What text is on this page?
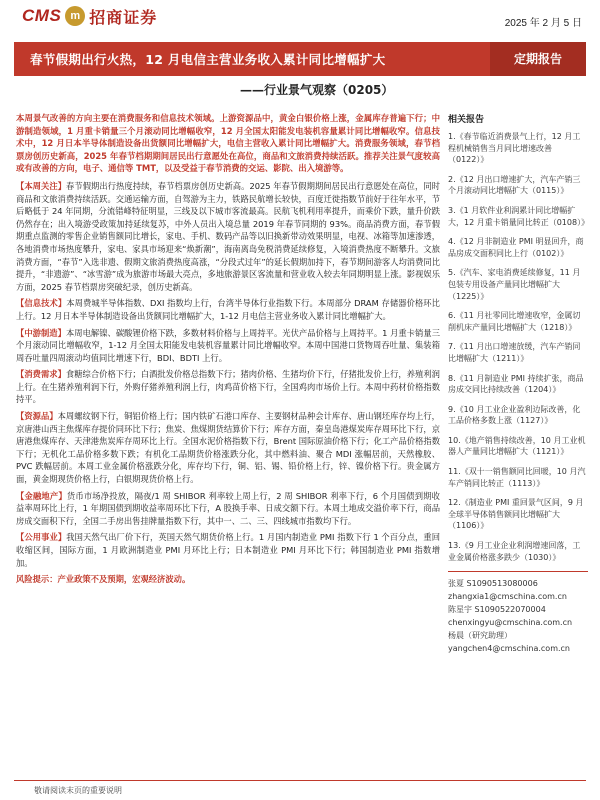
CMS m 招商证券	2025 年 2 月 5 日
春节假期出行火热，12 月电信主营业务收入累计同比增幅扩大	定期报告
——行业景气观察（0205）

本周景气改善的方向主要在消费服务和信息技术领域。上游资源品中，黄金白银价格上涨，金属库存普遍下行；中游制造领域，1 月重卡销量三个月滚动同比增幅收窄，12 月全国太阳能发电装机容量累计同比增幅收窄。信息技术中，12 月日本半导体制造设备出货额同比增幅扩大，电信主营收入累计同比增幅扩大。消费服务领域，春节档票房创历史新高，2025 年春节档期期间居民出行意愿处在高位，商品和文旅消费持续活跃。推荐关注景气度较高或有改善的方向，电子、通信等 TMT，以及受益于春节消费的交运、影院、出入境游等。

【本周关注】春节假期出行热度持续，春节档票房创历史新高。2025 年春节假期期间居民出行意愿处在高位，同时商品和文旅消费持续活跃。交通运输方面，自驾游为主力，铁路民航增长较快，百度迁徙指数节前好于往年水平，节后略低于 24 年同期，分流错峰特征明显，三线及以下城市客流最高。民航飞机利用率提升，而乘价下跌，量升价跌仍然存在；出入境游受政策加持延续复苏，中外人员出入境总量 2019 年春节同期的 93%。商品消费方面，春节假期重点监测的零售企业销售额同比增长，家电、手机、数码产品等以旧换新带动效果明显，电视、冰箱等加速渗透，各地消费市场热度攀升，家电、家具市场迎来“焕新潮”，海南离岛免税消费延续修复，入境消费热度不断攀升。文旅消费方面，“春节”入选非遗、假期文旅消费热度高涨，“分段式过年”的延长假期加持下，春节期间游客人均消费同比提升，“非遗游”、“冰雪游”成为旅游市场最大亮点，多地旅游景区客流量和营业收入较去年同期明显上涨。影视娱乐方面，2025 春节档票房突破纪录，创历史新高。

【信息技术】本周费城半导体指数、DXI 指数均上行，台湾半导体行业指数下行。本周部分 DRAM 存储器价格环比上行。12 月日本半导体制造设备出货额同比增幅扩大，1-12 月电信主营业务收入累计同比增幅扩大。

【中游制造】本周电解镍、碳酸锂价格下跌，多数材料价格与上周持平。光伏产品价格与上周持平。1 月重卡销量三个月滚动同比增幅收窄，1-12 月全国太阳能发电装机容量累计同比增幅收窄。本周中国港口货物周吞吐量、集装箱周吞吐量四周滚动均值同比增速下行，BDI、BDTI 上行。

【消费需求】食糖综合价格下行；白酒批发价格总指数下行；猪肉价格、生猪均价下行，仔猪批发价上行，养殖利润上行。在生猪养殖利润下行，外购仔猪养殖利润上行，肉鸡苗价格下行，全国鸡肉市场价上行。本周中药材价格指数持平。

【资源品】本周螺纹钢下行，铜铝价格上行；国内铁矿石港口库存、主要钢材品种会计库存、唐山钢坯库存均上行，京唐港山西主焦煤库存提价同环比下行；焦炭、焦煤期货结算价下行；库存方面，秦皇岛港煤炭库存周环比下行，京唐港焦煤库存、天津港焦炭库存周环比上行。全国水泥价格指数下行，Brent 国际原油价格下行；化工产品价格指数下行；无机化工品价格多数下跌；有机化工品期货价格涨跌分化，其中燃料油、聚合 MDI 涨幅居前，天然橡胶、PVC 跌幅居前。本周工业金属价格涨跌分化，库存均下行，铜、铝、锡、铅价格上行，锌、镍价格下行。贵金属方面，黄金期现货价格上行，白银期现货价格上行。

【金融地产】货币市场净投放，隔夜/1 周 SHIBOR 利率较上周上行，2 周 SHIBOR 利率下行，6 个月国债到期收益率周环比上行，1 年期国债到期收益率周环比下行，A 股换手率、日成交额下行。本周土地成交溢价率下行，商品房成交面积下行，全国二手房出售挂牌量指数下行，其中一、二、三、四线城市指数均下行。

【公用事业】我国天然气出厂价下行，英国天然气期货价格上行。1 月国内制造业 PMI 指数下行 1 个百分点，重回收缩区间，国际方面，1 月欧洲制造业 PMI 月环比上行；日本制造业 PMI 月环比下行；韩国制造业 PMI 指数增加。

风险提示：产业政策不及预期，宏观经济波动。

相关报告
1.《春节临近消费景气上行，12 月工程机械销售当月同比增速改善（0122）》
2.《12 月出口增速扩大，汽车产销三个月滚动同比增幅扩大（0115）》
3.《1 月软件业利润累计同比增幅扩大，12 月重卡销量同比转正（0108）》
4.《12 月非制造业 PMI 明显回升，商品房成交面积同比上行（0102）》
5.《汽车、家电消费延续修复，11 月包装专用设备产量同比增幅扩大（1225）》
6.《11 月社零同比增速收窄，金属切削机床产量同比增幅扩大（1218）》
7.《11 月出口增速放缓，汽车产销同比增幅扩大（1211）》
8.《11 月制造业 PMI 持续扩张，商品房成交同比持续改善（1204）》
9.《10 月工业企业盈利边际改善，化工品价格多数上涨（1127）》
10.《地产销售持续改善，10 月工业机器人产量同比增幅扩大（1121）》
11.《双十一销售额同比回暖，10 月汽车产销同比转正（1113）》
12.《制造业 PMI 重回景气区间，9 月全球半导体销售额同比增幅扩大（1106）》
13.《9 月工业企业利润增速回落，工业金属价格涨多跌少（1030）》
张夏 S1090513080006
zhangxia1@cmschina.com.cn
陈星宇 S1090522070004
chenxingyu@cmschina.com.cn
杨晨（研究助理）
yangchen4@cmschina.com.cn
敬请阅读末页的重要说明
